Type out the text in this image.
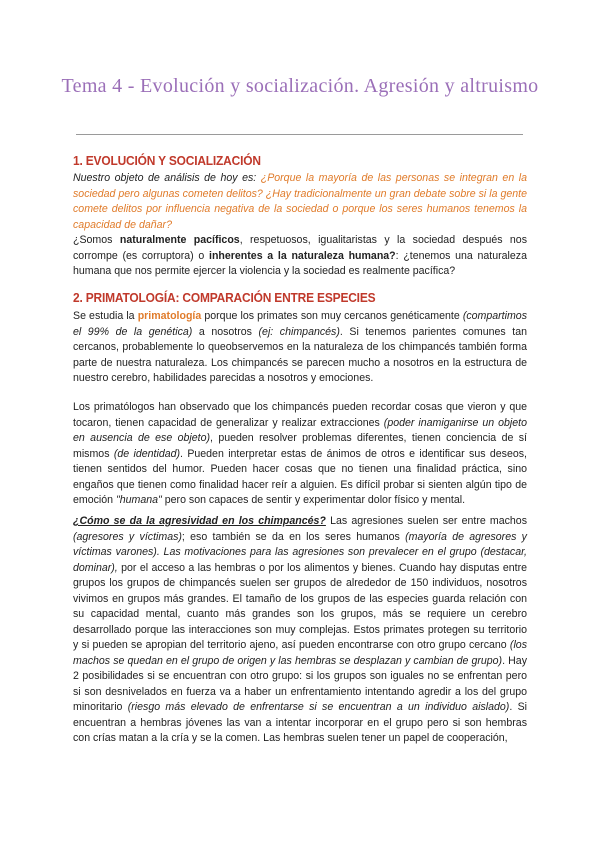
Tema 4 - Evolución y socialización. Agresión y altruismo
1. EVOLUCIÓN Y SOCIALIZACIÓN
Nuestro objeto de análisis de hoy es: ¿Porque la mayoría de las personas se integran en la sociedad pero algunas cometen delitos? ¿Hay tradicionalmente un gran debate sobre si la gente comete delitos por influencia negativa de la sociedad o porque los seres humanos tenemos la capacidad de dañar?
¿Somos naturalmente pacíficos, respetuosos, igualitaristas y la sociedad después nos corrompe (es corruptora) o inherentes a la naturaleza humana?: ¿tenemos una naturaleza humana que nos permite ejercer la violencia y la sociedad es realmente pacífica?
2. PRIMATOLOGÍA: COMPARACIÓN ENTRE ESPECIES
Se estudia la primatología porque los primates son muy cercanos genéticamente (compartimos el 99% de la genética) a nosotros (ej: chimpancés). Si tenemos parientes comunes tan cercanos, probablemente lo queobservemos en la naturaleza de los chimpancés también forma parte de nuestra naturaleza. Los chimpancés se parecen mucho a nosotros en la estructura de nuestro cerebro, habilidades parecidas a nosotros y emociones.
Los primatólogos han observado que los chimpancés pueden recordar cosas que vieron y que tocaron, tienen capacidad de generalizar y realizar extracciones (poder inamiganirse un objeto en ausencia de ese objeto), pueden resolver problemas diferentes, tienen conciencia de sí mismos (de identidad). Pueden interpretar estas de ánimos de otros e identificar sus deseos, tienen sentidos del humor. Pueden hacer cosas que no tienen una finalidad práctica, sino engaños que tienen como finalidad hacer reír a alguien. Es difícil probar si sienten algún tipo de emoción "humana" pero son capaces de sentir y experimentar dolor físico y mental.
¿Cómo se da la agresividad en los chimpancés? Las agresiones suelen ser entre machos (agresores y víctimas); eso también se da en los seres humanos (mayoría de agresores y víctimas varones). Las motivaciones para las agresiones son prevalecer en el grupo (destacar, dominar), por el acceso a las hembras o por los alimentos y bienes. Cuando hay disputas entre grupos los grupos de chimpancés suelen ser grupos de alrededor de 150 individuos, nosotros vivimos en grupos más grandes. El tamaño de los grupos de las especies guarda relación con su capacidad mental, cuanto más grandes son los grupos, más se requiere un cerebro desarrollado porque las interacciones son muy complejas. Estos primates protegen su territorio y si pueden se apropian del territorio ajeno, así pueden encontrarse con otro grupo cercano (los machos se quedan en el grupo de origen y las hembras se desplazan y cambian de grupo). Hay 2 posibilidades si se encuentran con otro grupo: si los grupos son iguales no se enfrentan pero si son desnivelados en fuerza va a haber un enfrentamiento intentando agredir a los del grupo minoritario (riesgo más elevado de enfrentarse si se encuentran a un individuo aislado). Si encuentran a hembras jóvenes las van a intentar incorporar en el grupo pero si son hembras con crías matan a la cría y se la comen. Las hembras suelen tener un papel de cooperación,
